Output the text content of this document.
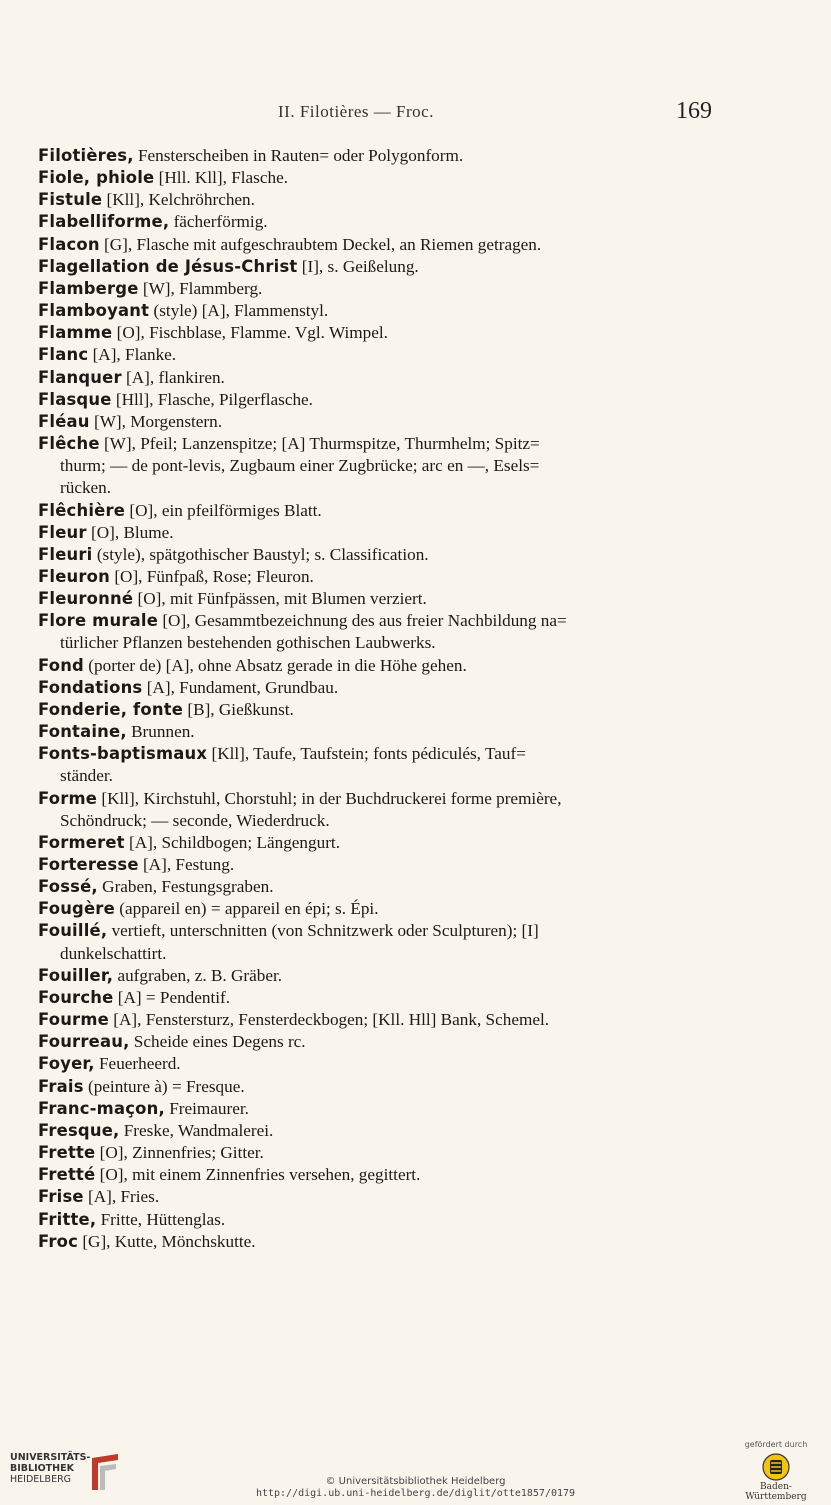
II. Filotières — Froc.	169

Filotières, Fensterscheiben in Rauten= oder Polygonform.

Fiole, phiole [Hll. Kll], Flasche.

Fistule [Kll], Kelchröhrchen.

Flabelliforme, fächerförmig.

Flacon [G], Flasche mit aufgeschraubtem Deckel, an Riemen getragen.

Flagellation de Jésus-Christ [I], s. Geißelung.

Flamberge [W], Flammberg.

Flamboyant (style) [A], Flammenstyl.

Flamme [O], Fischblase, Flamme. Vgl. Wimpel.

Flanc [A], Flanke.

Flanquer [A], flankiren.

Flasque [Hll], Flasche, Pilgerflasche.

Fléau [W], Morgenstern.

Flêche [W], Pfeil; Lanzenspitze; [A] Thurmspitze, Thurmhelm; Spitz=

thurm; — de pont-levis, Zugbaum einer Zugbrücke; arc en —, Esels=

rücken.

Flêchière [O], ein pfeilförmiges Blatt.

Fleur [O], Blume.

Fleuri (style), spätgothischer Baustyl; s. Classification.

Fleuron [O], Fünfpaß, Rose; Fleuron.

Fleuronné [O], mit Fünfpässen, mit Blumen verziert.

Flore murale [O], Gesammtbezeichnung des aus freier Nachbildung na=

türlicher Pflanzen bestehenden gothischen Laubwerks.

Fond (porter de) [A], ohne Absatz gerade in die Höhe gehen.

Fondations [A], Fundament, Grundbau.

Fonderie, fonte [B], Gießkunst.

Fontaine, Brunnen.

Fonts-baptismaux [Kll], Taufe, Taufstein; fonts pédiculés, Tauf=

ständer.

Forme [Kll], Kirchstuhl, Chorstuhl; in der Buchdruckerei forme première,

Schöndruck; — seconde, Wiederdruck.

Formeret [A], Schildbogen; Längengurt.

Forteresse [A], Festung.

Fossé, Graben, Festungsgraben.

Fougère (appareil en) = appareil en épi; s. Épi.

Fouillé, vertieft, unterschnitten (von Schnitzwerk oder Sculpturen); [I]

dunkelschattirt.

Fouiller, aufgraben, z. B. Gräber.

Fourche [A] = Pendentif.

Fourme [A], Fenstersturz, Fensterdeckbogen; [Kll. Hll] Bank, Schemel.

Fourreau, Scheide eines Degens rc.

Foyer, Feuerheerd.

Frais (peinture à) = Fresque.

Franc-maçon, Freimaurer.

Fresque, Freske, Wandmalerei.

Frette [O], Zinnenfries; Gitter.

Fretté [O], mit einem Zinnenfries versehen, gegittert.

Frise [A], Fries.

Fritte, Fritte, Hüttenglas.

Froc [G], Kutte, Mönchskutte.

UNIVERSITÄTS-
BIBLIOTHEK
HEIDELBERG	© Universitätsbibliothek Heidelberg
http://digi.ub.uni-heidelberg.de/diglit/otte1857/0179
gefördert durch
Baden-Württemberg
